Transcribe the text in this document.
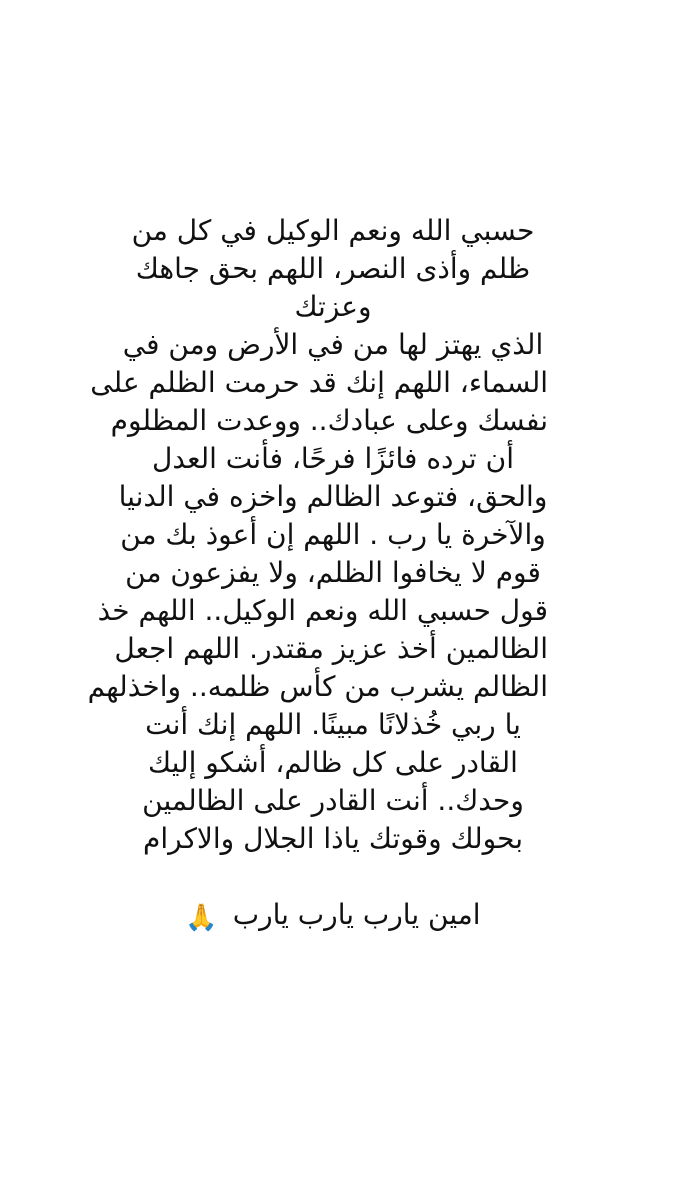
حسبي الله ونعم الوكيل في كل من
ظلم وأذى النصر، اللهم بحق جاهك
وعزتك
الذي يهتز لها من في الأرض ومن في
السماء، اللهم إنك قد حرمت الظلم على
نفسك وعلى عبادك.. ووعدت المظلوم
أن ترده فائزًا فرحًا، فأنت العدل
والحق، فتوعد الظالم واخزه في الدنيا
والآخرة يا رب . اللهم إن أعوذ بك من
قوم لا يخافوا الظلم، ولا يفزعون من
قول حسبي الله ونعم الوكيل.. اللهم خذ
الظالمين أخذ عزيز مقتدر. اللهم اجعل
الظالم يشرب من كأس ظلمه.. واخذلهم
يا ربي خُذلانًا مبينًا. اللهم إنك أنت
القادر على كل ظالم، أشكو إليك
وحدك.. أنت القادر على الظالمين
بحولك وقوتك ياذا الجلال والاكرام
امين يارب يارب يارب 🙏
